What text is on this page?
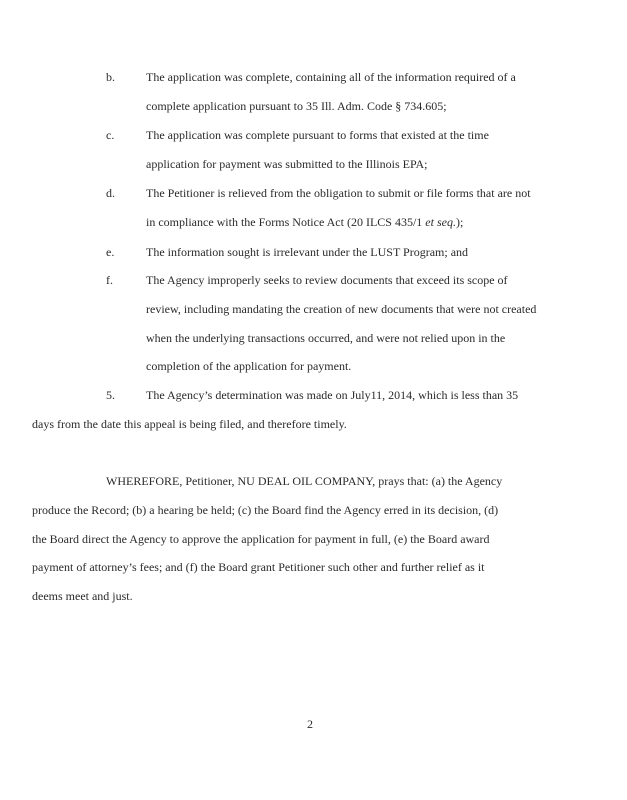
b.	The application was complete, containing all of the information required of a
complete application pursuant to 35 Ill. Adm. Code § 734.605;
c.	The application was complete pursuant to forms that existed at the time
application for payment was submitted to the Illinois EPA;
d.	The Petitioner is relieved from the obligation to submit or file forms that are not
in compliance with the Forms Notice Act (20 ILCS 435/1 et seq.);
e.	The information sought is irrelevant under the LUST Program; and
f.	The Agency improperly seeks to review documents that exceed its scope of
review, including mandating the creation of new documents that were not created
when the underlying transactions occurred, and were not relied upon in the
completion of the application for payment.
5.	The Agency’s determination was made on July11, 2014, which is less than 35
days from the date this appeal is being filed, and therefore timely.
WHEREFORE, Petitioner, NU DEAL OIL COMPANY, prays that: (a) the Agency
produce the Record; (b) a hearing be held; (c) the Board find the Agency erred in its decision, (d)
the Board direct the Agency to approve the application for payment in full, (e) the Board award
payment of attorney’s fees; and (f) the Board grant Petitioner such other and further relief as it
deems meet and just.
2
